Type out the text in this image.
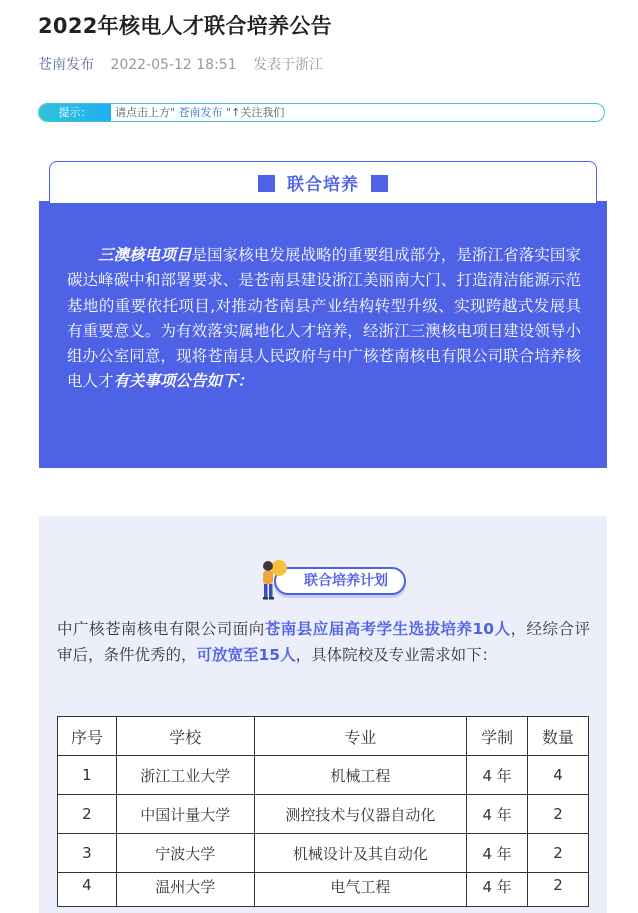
2022年核电人才联合培养公告
苍南发布 2022-05-12 18:51 发表于浙江
提示：	请点击上方" 苍南发布 "↑关注我们
联合培养

三澳核电项目是国家核电发展战略的重要组成部分，是浙江省落实国家碳达峰碳中和部署要求、是苍南县建设浙江美丽南大门、打造清洁能源示范基地的重要依托项目,对推动苍南县产业结构转型升级、实现跨越式发展具有重要意义。为有效落实属地化人才培养，经浙江三澳核电项目建设领导小组办公室同意，现将苍南县人民政府与中广核苍南核电有限公司联合培养核电人才有关事项公告如下：

联合培养计划

中广核苍南核电有限公司面向苍南县应届高考学生选拔培养10人，经综合评审后，条件优秀的，可放宽至15人，具体院校及专业需求如下：

序号	学校	专业	学制	数量
1	浙江工业大学	机械工程	4 年	4
2	中国计量大学	测控技术与仪器自动化	4 年	2
3	宁波大学	机械设计及其自动化	4 年	2
4	温州大学	电气工程	4 年	2
